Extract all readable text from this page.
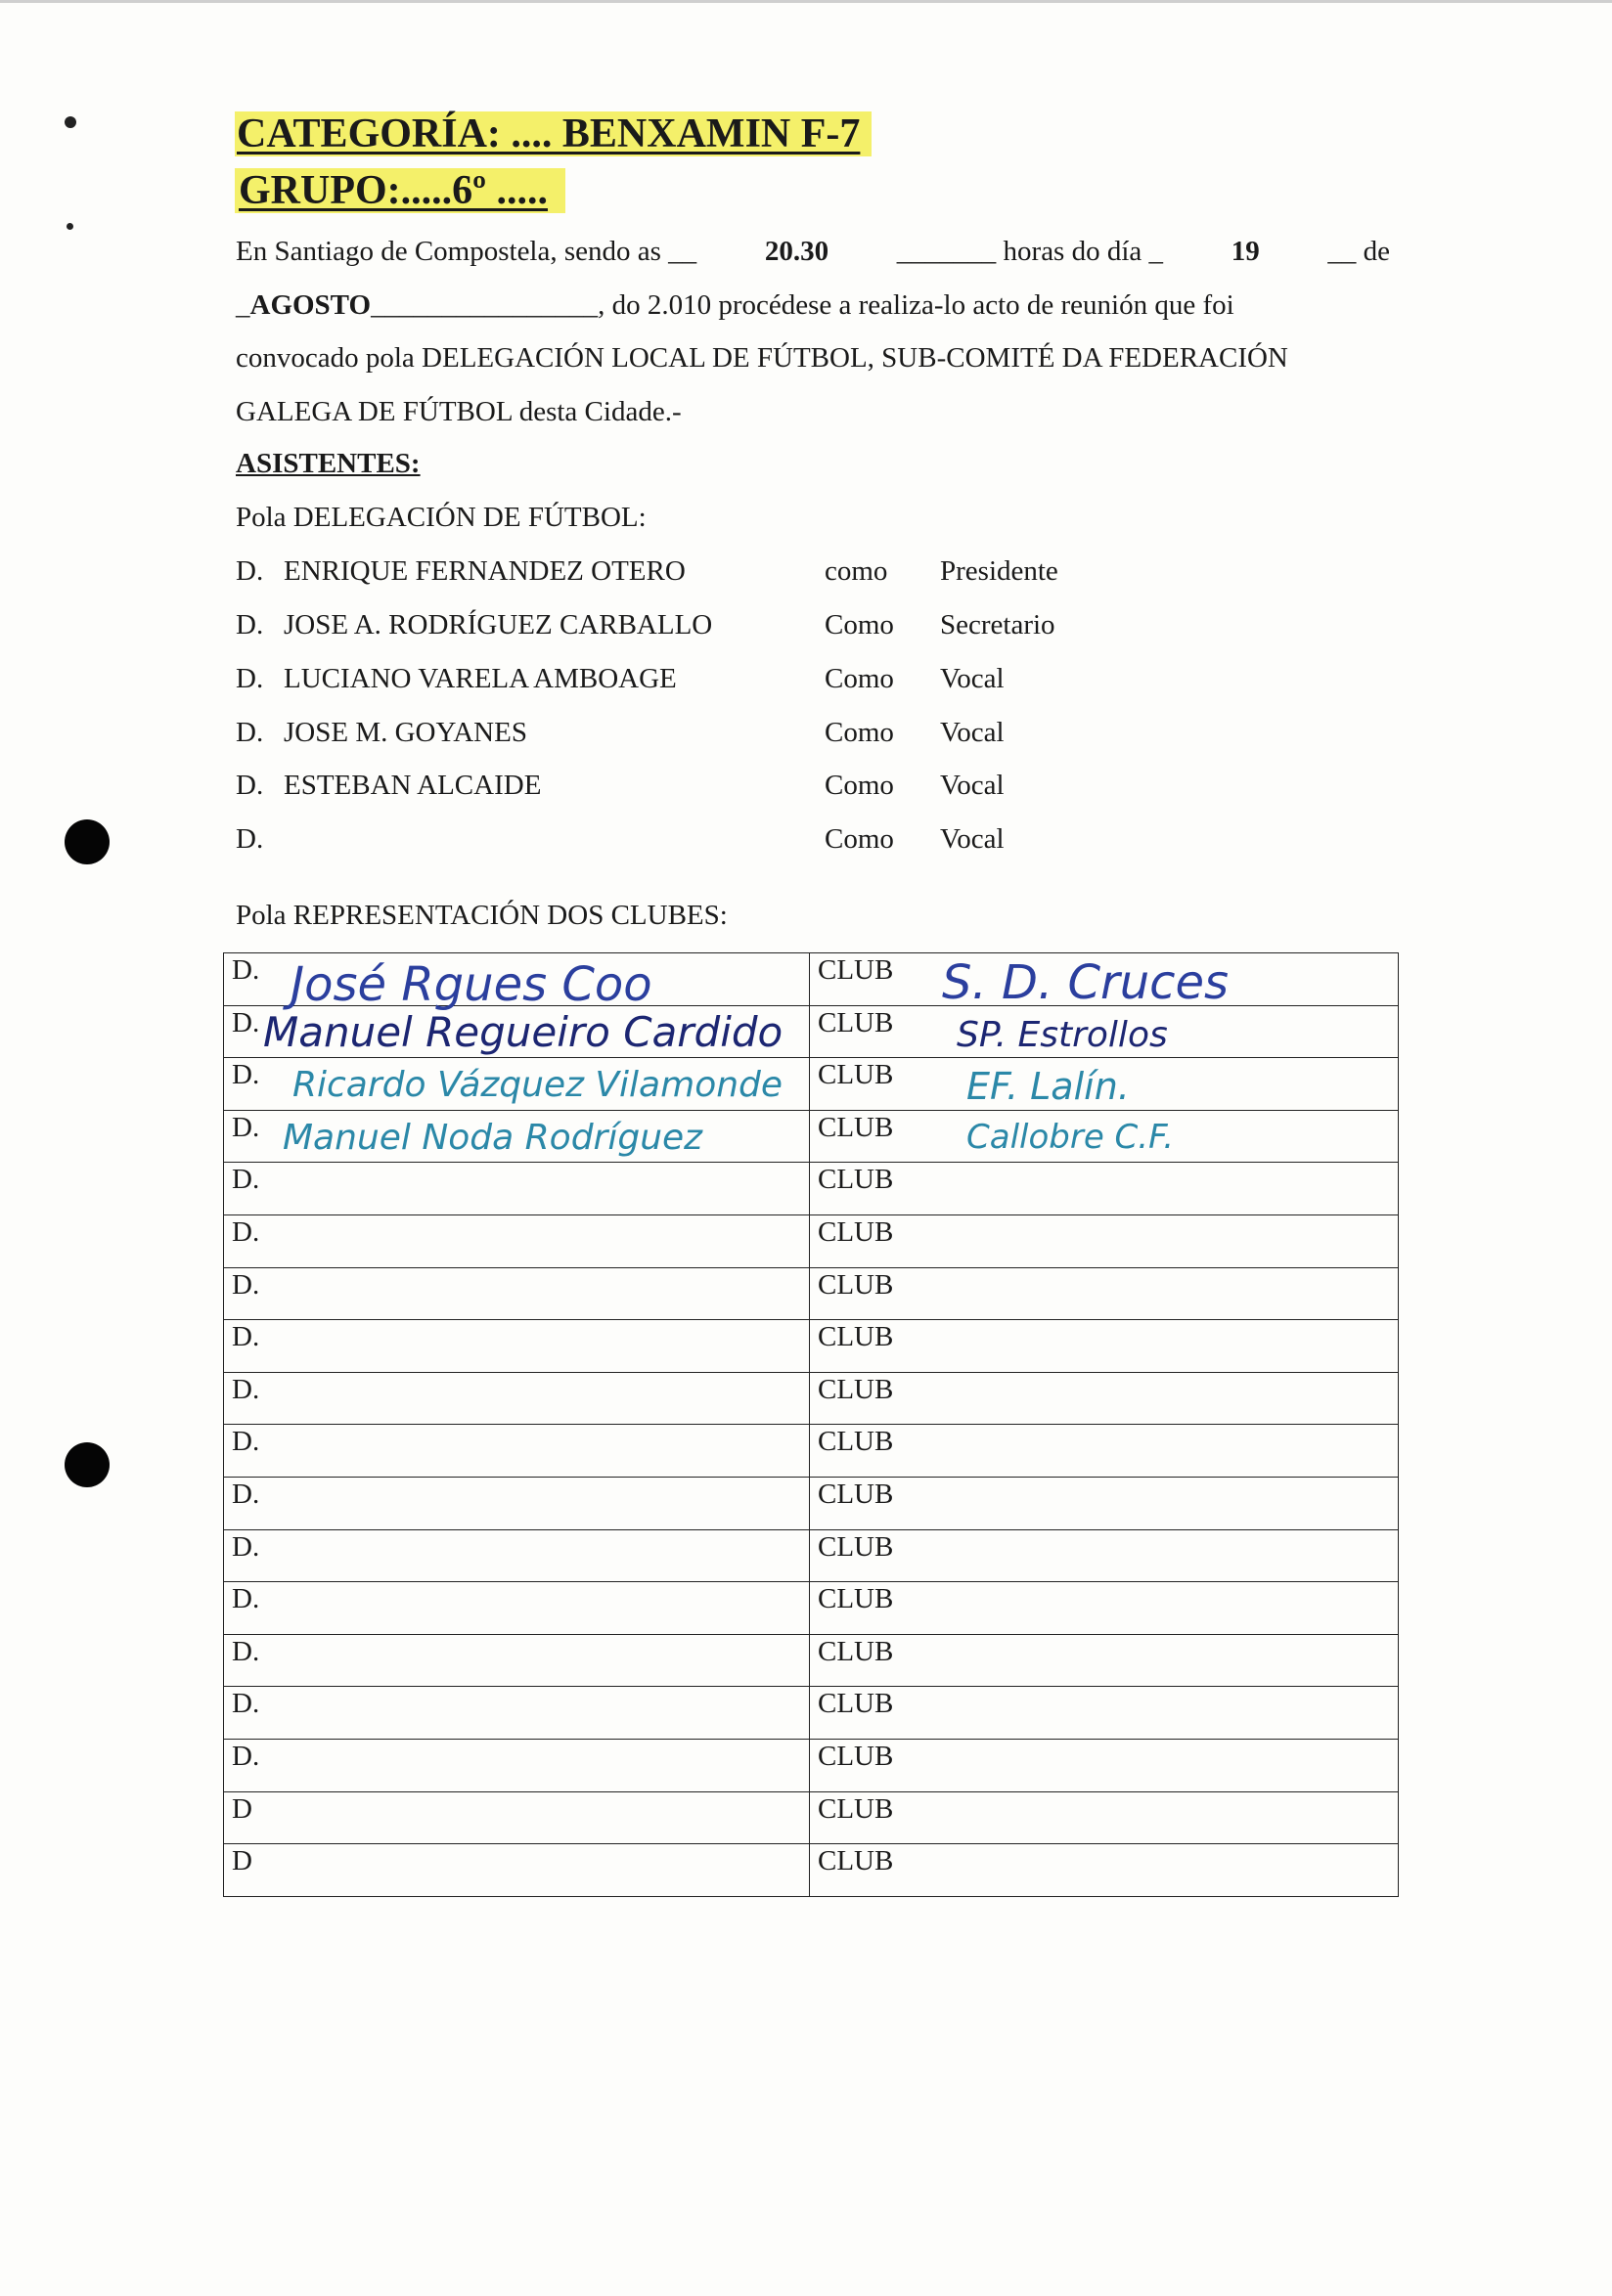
CATEGORÍA: .... BENXAMIN F-7
GRUPO:.....6º .....
En Santiago de Compostela, sendo as __ 20.30 _______ horas do día _ 19 __ de
_AGOSTO________________, do 2.010 procédese a realiza-lo acto de reunión que foi
convocado pola DELEGACIÓN LOCAL DE FÚTBOL, SUB-COMITÉ DA FEDERACIÓN
GALEGA DE FÚTBOL desta Cidade.-
ASISTENTES:
Pola DELEGACIÓN DE FÚTBOL:
D. ENRIQUE FERNANDEZ OTERO	como Presidente
D. JOSE A. RODRÍGUEZ CARBALLO	Como Secretario
D. LUCIANO VARELA AMBOAGE	Como Vocal
D. JOSE M. GOYANES	Como Vocal
D. ESTEBAN ALCAIDE	Como Vocal
D.	Como Vocal
Pola REPRESENTACIÓN DOS CLUBES:
D. José Rgues Coo	CLUB S. D. Cruces

D. Manuel Regueiro Cardido	CLUB SP. Estrollos

D. Ricardo Vázquez Vilamonde	CLUB EF. Lalín.

D. Manuel Noda Rodríguez	CLUB Callobre C.F.

D.	CLUB
D.	CLUB
D.	CLUB
D.	CLUB
D.	CLUB
D.	CLUB
D.	CLUB
D.	CLUB
D.	CLUB
D.	CLUB
D.	CLUB
D.	CLUB
D	CLUB
D	CLUB
